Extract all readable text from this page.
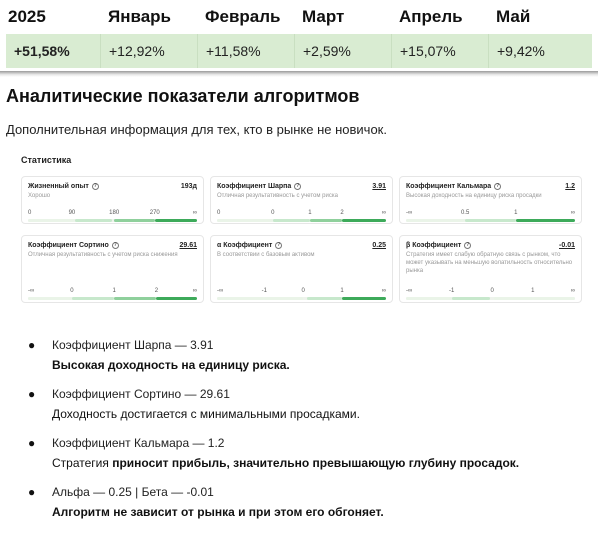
2025	Январь	Февраль	Март	Апрель	Май
+51,58%	+12,92%	+11,58%	+2,59%	+15,07%	+9,42%
Аналитические показатели алгоритмов
Дополнительная информация для тех, кто в рынке не новичок.
Статистика
Жизненный опыт ?	193д
Хорошо
0	90	180	270	∞
Коэффициент Шарпа ?	3.91
Отличная результативность с учетом риска
0	0	1	2	∞
Коэффициент Кальмара ?	1.2
Высокая доходность на единицу риска просадки
-∞	0.5	1	∞
Коэффициент Сортино ?	29.61
Отличная результативность с учетом риска снижения
-∞	0	1	2	∞
α Коэффициент ?	0.25
В соответствии с базовым активом
-∞	-1	0	1	∞
β Коэффициент ?	-0.01
Стратегия имеет слабую обратную связь с рынком, что может указывать на меньшую волатильность относительно рынка
-∞	-1	0	1	∞
● Коэффициент Шарпа — 3.91
Высокая доходность на единицу риска.
● Коэффициент Сортино — 29.61
Доходность достигается с минимальными просадками.
● Коэффициент Кальмара — 1.2
Стратегия приносит прибыль, значительно превышающую глубину просадок.
● Альфа — 0.25 | Бета — -0.01
Алгоритм не зависит от рынка и при этом его обгоняет.
